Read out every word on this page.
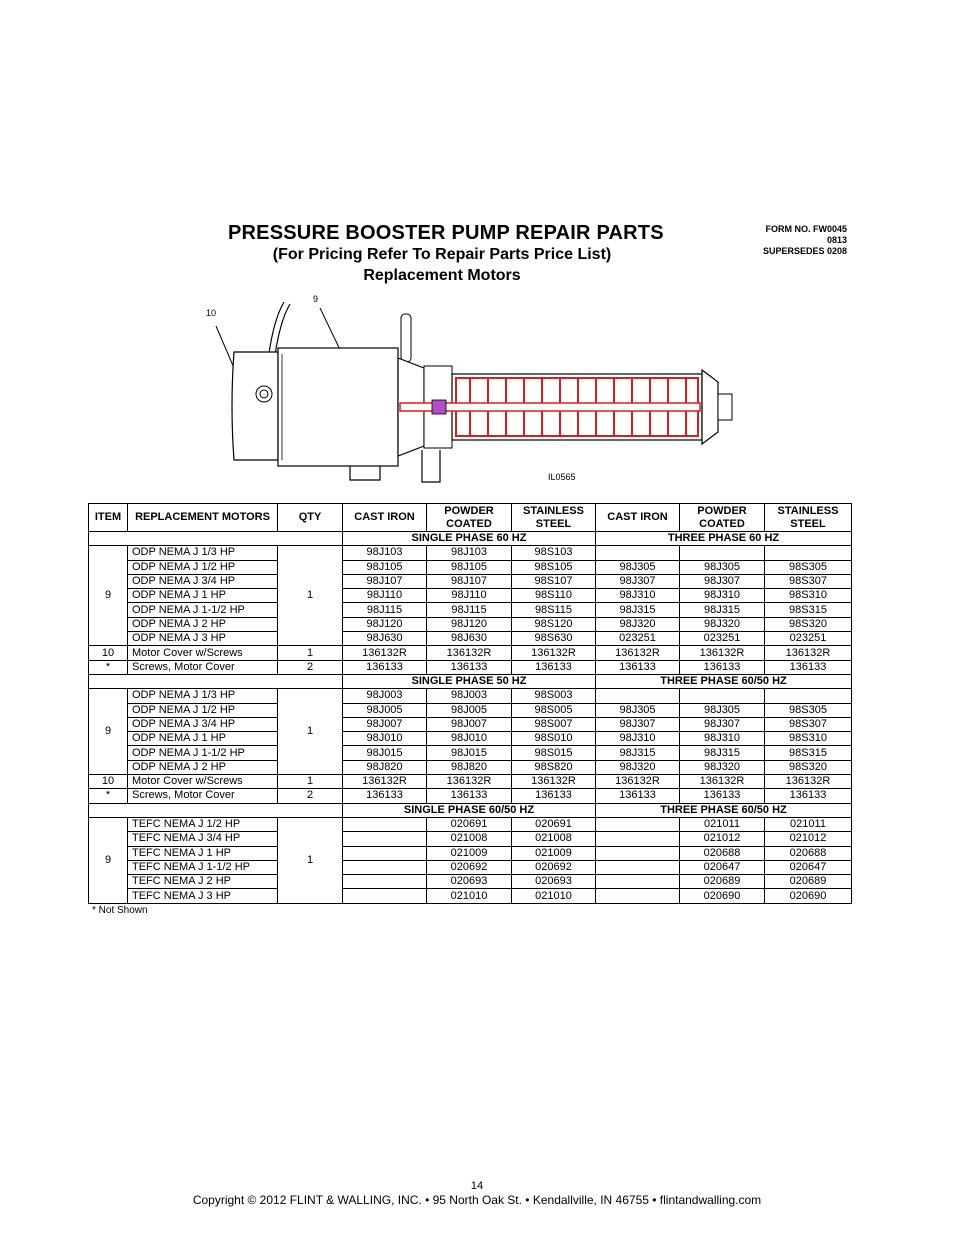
PRESSURE BOOSTER PUMP REPAIR PARTS
(For Pricing Refer To Repair Parts Price List)
Replacement Motors
FORM NO. FW0045
0813
SUPERSEDES 0208
10
9
IL0565
ITEM	REPLACEMENT MOTORS	QTY	CAST IRON	POWDER
COATED	STAINLESS
STEEL	CAST IRON	POWDER
COATED	STAINLESS
STEEL
			SINGLE PHASE 60 HZ			THREE PHASE 60 HZ		
9	ODP NEMA J 1/3 HP	1	98J103	98J103	98S103			
	ODP NEMA J 1/2 HP		98J105	98J105	98S105	98J305	98J305	98S305
	ODP NEMA J 3/4 HP		98J107	98J107	98S107	98J307	98J307	98S307
	ODP NEMA J 1 HP		98J110	98J110	98S110	98J310	98J310	98S310
	ODP NEMA J 1-1/2 HP		98J115	98J115	98S115	98J315	98J315	98S315
	ODP NEMA J 2 HP		98J120	98J120	98S120	98J320	98J320	98S320
	ODP NEMA J 3 HP		98J630	98J630	98S630	023251	023251	023251
10	Motor Cover w/Screws	1	136132R	136132R	136132R	136132R	136132R	136132R
*	Screws, Motor Cover	2	136133	136133	136133	136133	136133	136133
			SINGLE PHASE 50 HZ			THREE PHASE 60/50 HZ		
9	ODP NEMA J 1/3 HP	1	98J003	98J003	98S003			
	ODP NEMA J 1/2 HP		98J005	98J005	98S005	98J305	98J305	98S305
	ODP NEMA J 3/4 HP		98J007	98J007	98S007	98J307	98J307	98S307
	ODP NEMA J 1 HP		98J010	98J010	98S010	98J310	98J310	98S310
	ODP NEMA J 1-1/2 HP		98J015	98J015	98S015	98J315	98J315	98S315
	ODP NEMA J 2 HP		98J820	98J820	98S820	98J320	98J320	98S320
10	Motor Cover w/Screws	1	136132R	136132R	136132R	136132R	136132R	136132R
*	Screws, Motor Cover	2	136133	136133	136133	136133	136133	136133
			SINGLE PHASE 60/50 HZ			THREE PHASE 60/50 HZ		
9	TEFC NEMA J 1/2 HP	1		020691	020691		021011	021011
	TEFC NEMA J 3/4 HP			021008	021008		021012	021012
	TEFC NEMA J 1 HP			021009	021009		020688	020688
	TEFC NEMA J 1-1/2 HP			020692	020692		020647	020647
	TEFC NEMA J 2 HP			020693	020693		020689	020689
	TEFC NEMA J 3 HP			021010	021010		020690	020690
* Not Shown
14
Copyright © 2012 FLINT & WALLING, INC. • 95 North Oak St. • Kendallville, IN 46755 • flintandwalling.com
